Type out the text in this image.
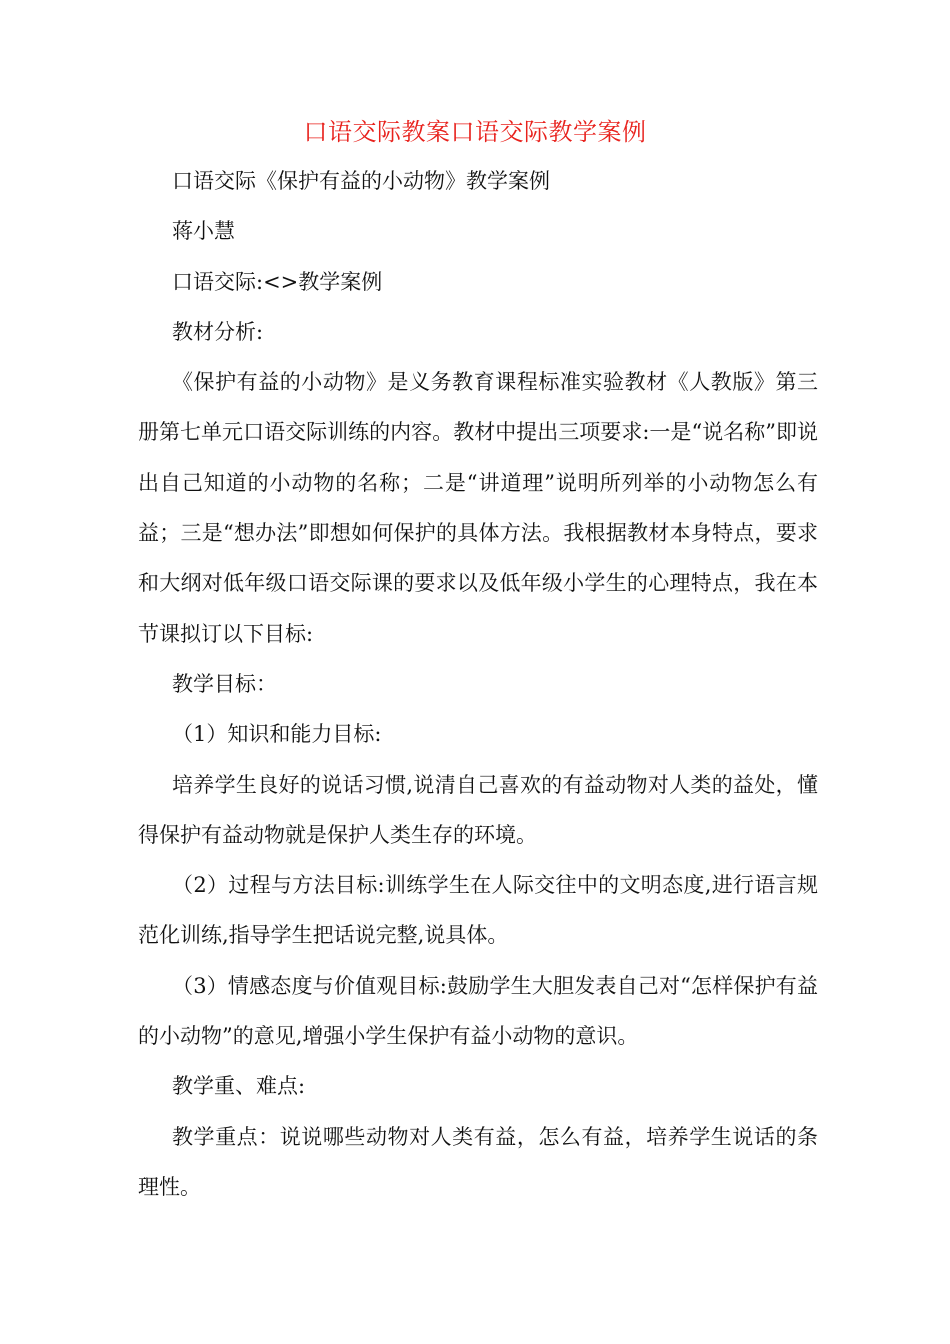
口语交际教案口语交际教学案例

口语交际《保护有益的小动物》教学案例

蒋小慧

口语交际:<>教学案例

教材分析:

《保护有益的小动物》是义务教育课程标准实验教材《人教版》第三册第七单元口语交际训练的内容。教材中提出三项要求:一是“说名称”即说出自己知道的小动物的名称；二是“讲道理”说明所列举的小动物怎么有益；三是“想办法”即想如何保护的具体方法。我根据教材本身特点，要求和大纲对低年级口语交际课的要求以及低年级小学生的心理特点，我在本节课拟订以下目标:

教学目标：

（1）知识和能力目标:

培养学生良好的说话习惯,说清自己喜欢的有益动物对人类的益处，懂得保护有益动物就是保护人类生存的环境。

（2）过程与方法目标:训练学生在人际交往中的文明态度,进行语言规范化训练,指导学生把话说完整,说具体。

（3）情感态度与价值观目标:鼓励学生大胆发表自己对“怎样保护有益的小动物”的意见,增强小学生保护有益小动物的意识。

教学重、难点:

教学重点：说说哪些动物对人类有益，怎么有益，培养学生说话的条理性。
